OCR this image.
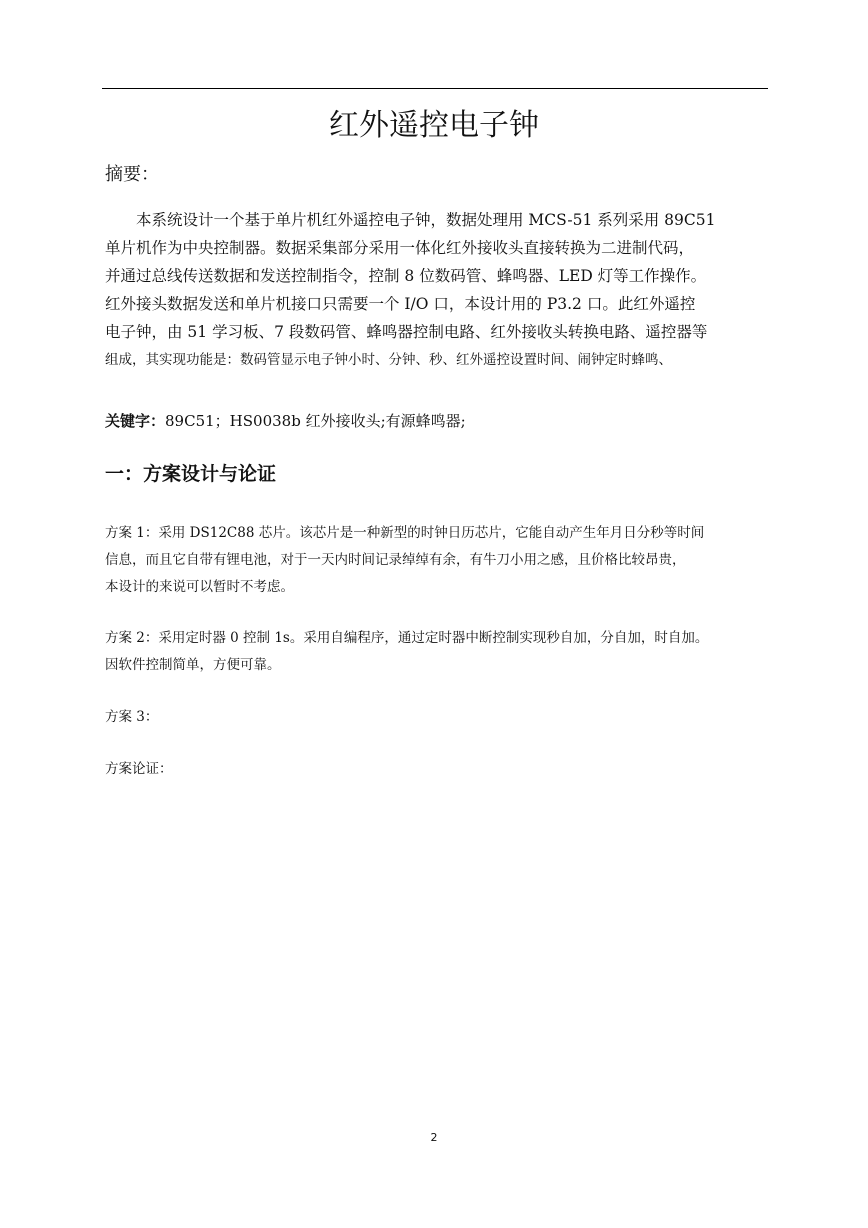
红外遥控电子钟
摘要：
本系统设计一个基于单片机红外遥控电子钟，数据处理用 MCS-51 系列采用 89C51
单片机作为中央控制器。数据采集部分采用一体化红外接收头直接转换为二进制代码，
并通过总线传送数据和发送控制指令，控制 8 位数码管、蜂鸣器、LED 灯等工作操作。
红外接头数据发送和单片机接口只需要一个 I/O 口，本设计用的 P3.2 口。此红外遥控
电子钟，由 51 学习板、7 段数码管、蜂鸣器控制电路、红外接收头转换电路、遥控器等
组成，其实现功能是：数码管显示电子钟小时、分钟、秒、红外遥控设置时间、闹钟定时蜂鸣、
关键字：89C51；HS0038b 红外接收头;有源蜂鸣器;
一：方案设计与论证
方案 1：采用 DS12C88 芯片。该芯片是一种新型的时钟日历芯片，它能自动产生年月日分秒等时间
信息，而且它自带有锂电池，对于一天内时间记录绰绰有余，有牛刀小用之感，且价格比较昂贵，
本设计的来说可以暂时不考虑。
方案 2：采用定时器 0 控制 1s。采用自编程序，通过定时器中断控制实现秒自加，分自加，时自加。
因软件控制简单，方便可靠。
方案 3：
方案论证：
2
